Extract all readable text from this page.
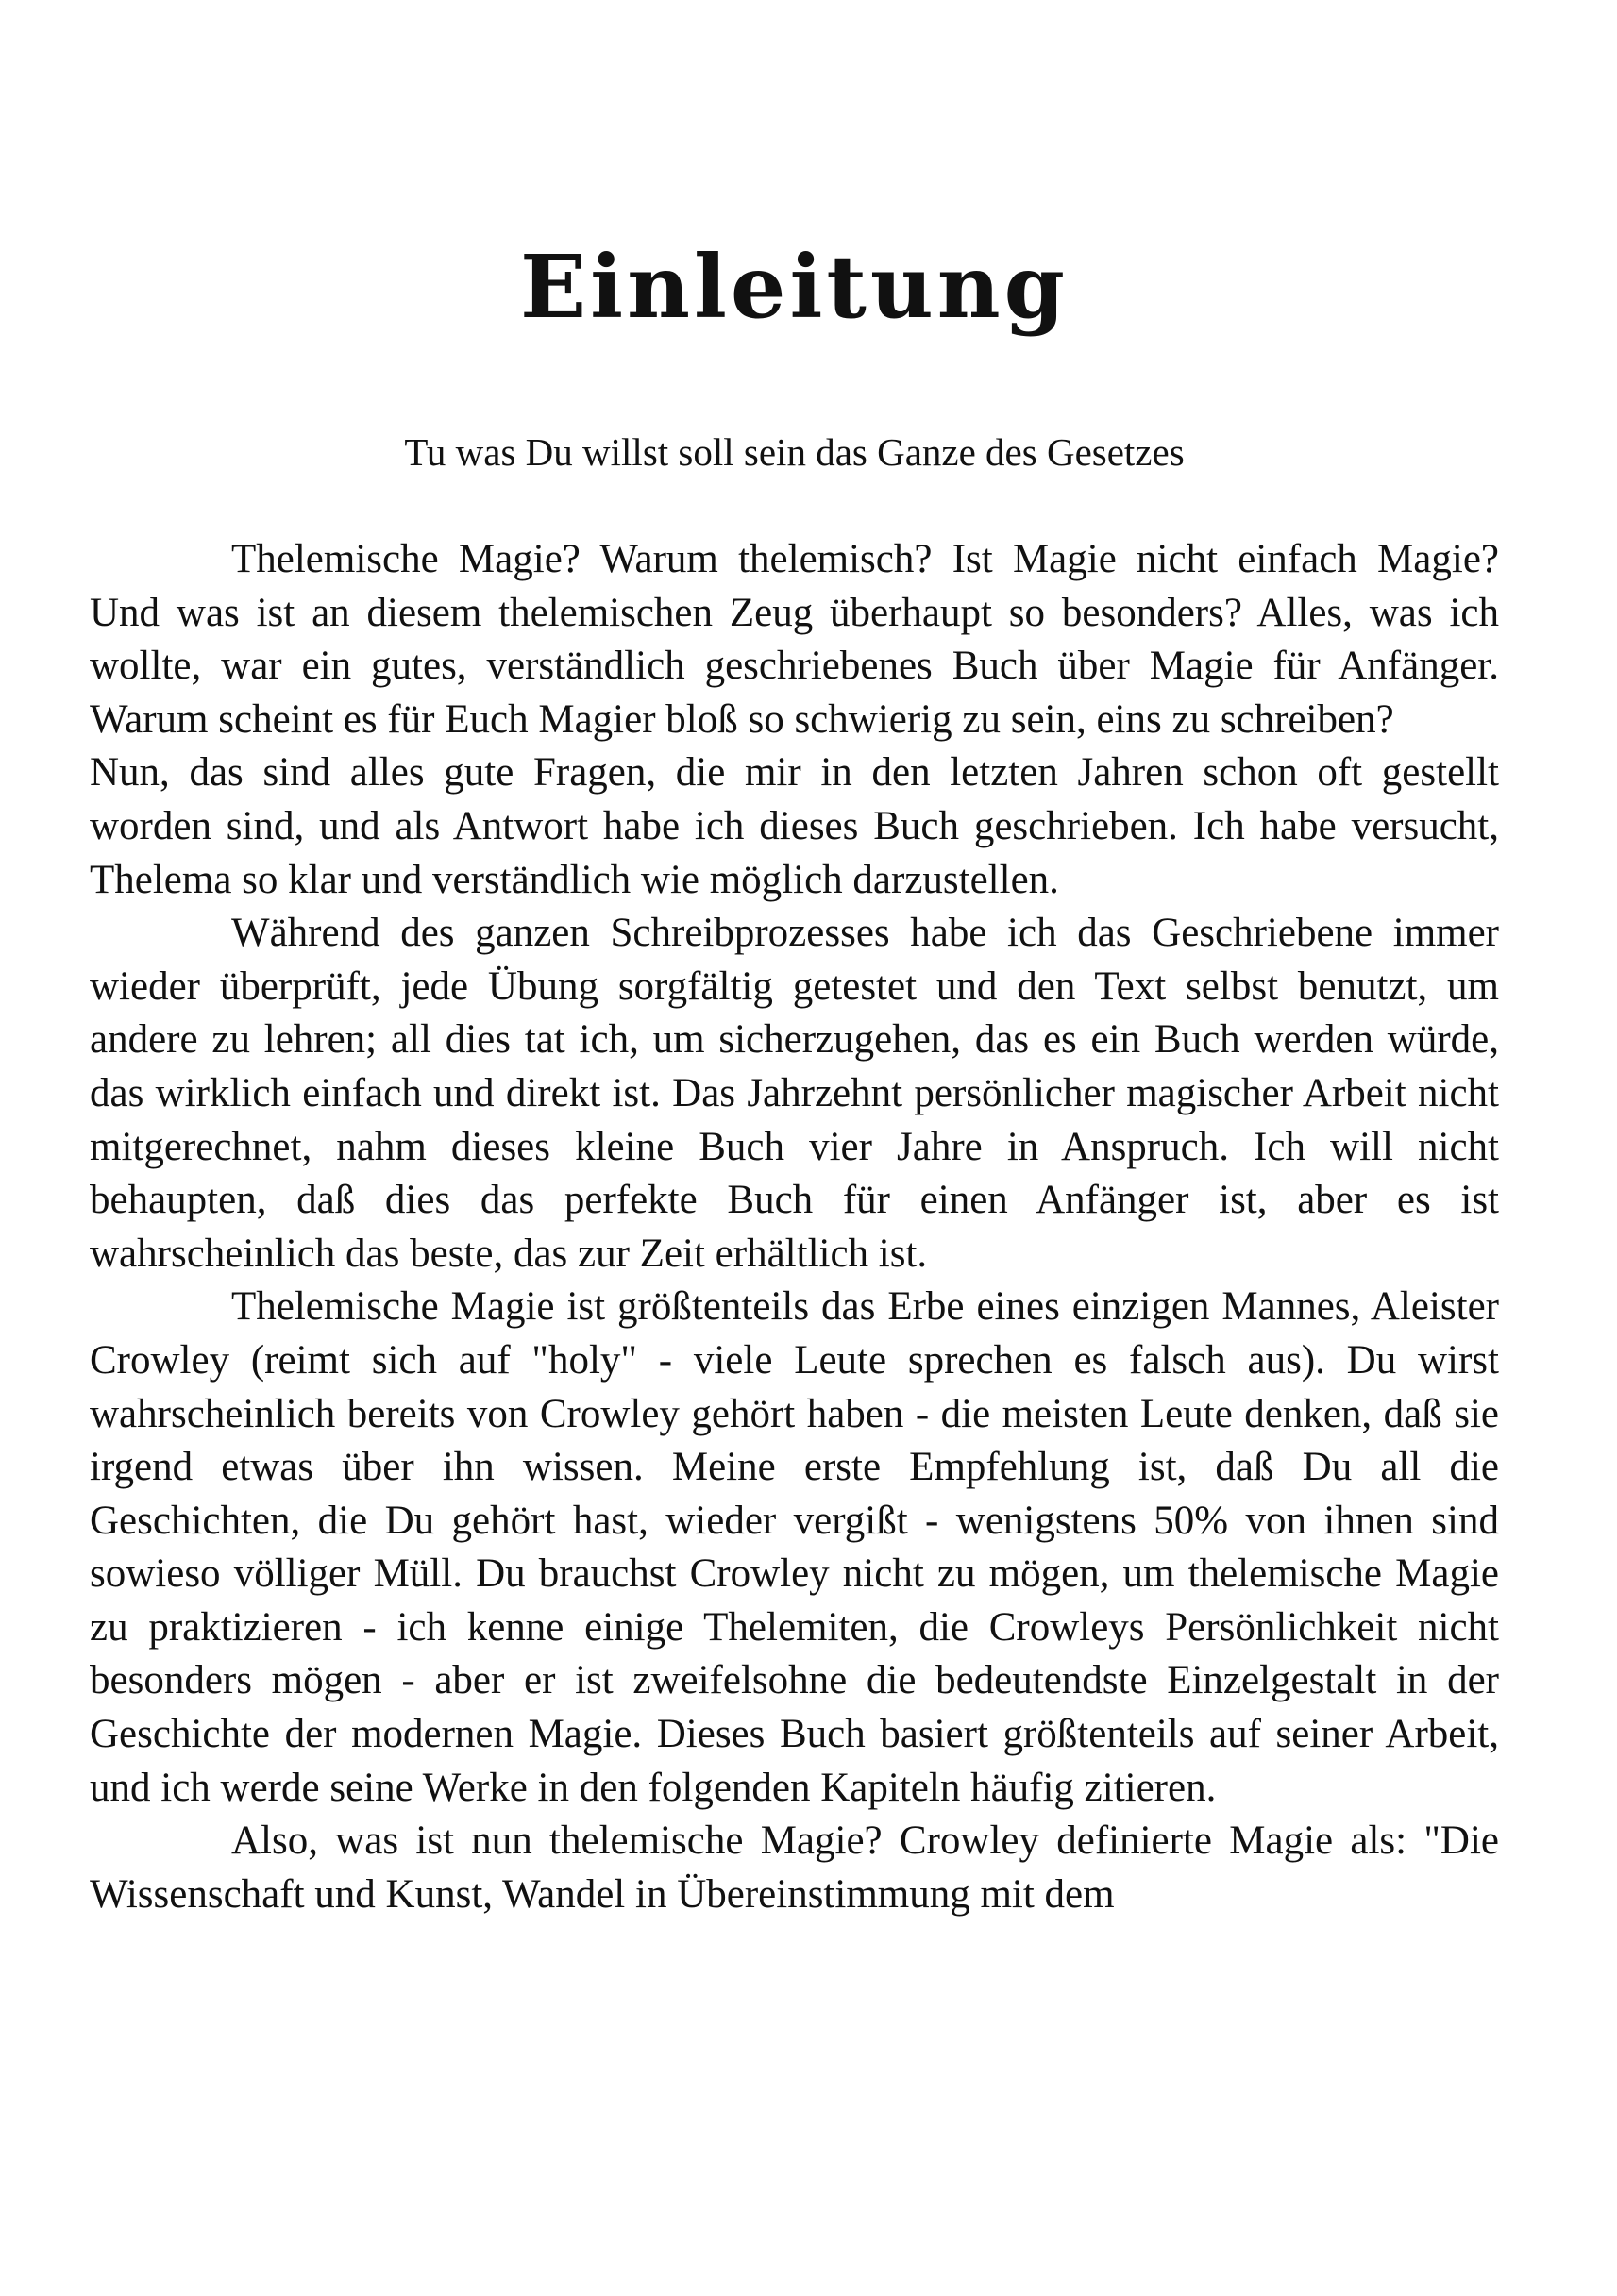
Einleitung

Tu was Du willst soll sein das Ganze des Gesetzes

Thelemische Magie? Warum thelemisch? Ist Magie nicht einfach Magie? Und was ist an diesem thelemischen Zeug überhaupt so besonders? Alles, was ich wollte, war ein gutes, verständlich geschriebenes Buch über Magie für Anfänger. Warum scheint es für Euch Magier bloß so schwierig zu sein, eins zu schreiben?

Nun, das sind alles gute Fragen, die mir in den letzten Jahren schon oft gestellt worden sind, und als Antwort habe ich dieses Buch geschrieben. Ich habe versucht, Thelema so klar und verständlich wie möglich darzustellen.

Während des ganzen Schreibprozesses habe ich das Geschriebene immer wieder überprüft, jede Übung sorgfältig getestet und den Text selbst benutzt, um andere zu lehren; all dies tat ich, um sicherzugehen, das es ein Buch werden würde, das wirklich einfach und direkt ist. Das Jahrzehnt persönlicher magischer Arbeit nicht mitgerechnet, nahm dieses kleine Buch vier Jahre in Anspruch. Ich will nicht behaupten, daß dies das perfekte Buch für einen Anfänger ist, aber es ist wahrscheinlich das beste, das zur Zeit erhältlich ist.

Thelemische Magie ist größtenteils das Erbe eines einzigen Mannes, Aleister Crowley (reimt sich auf "holy" - viele Leute sprechen es falsch aus). Du wirst wahrscheinlich bereits von Crowley gehört haben - die meisten Leute denken, daß sie irgend etwas über ihn wissen. Meine erste Empfehlung ist, daß Du all die Geschichten, die Du gehört hast, wieder vergißt - wenigstens 50% von ihnen sind sowieso völliger Müll. Du brauchst Crowley nicht zu mögen, um thelemische Magie zu praktizieren - ich kenne einige Thelemiten, die Crowleys Persönlichkeit nicht besonders mögen - aber er ist zweifelsohne die bedeutendste Einzelgestalt in der Geschichte der modernen Magie. Dieses Buch basiert größtenteils auf seiner Arbeit, und ich werde seine Werke in den folgenden Kapiteln häufig zitieren.

Also, was ist nun thelemische Magie? Crowley definierte Magie als: "Die Wissenschaft und Kunst, Wandel in Übereinstimmung mit dem
